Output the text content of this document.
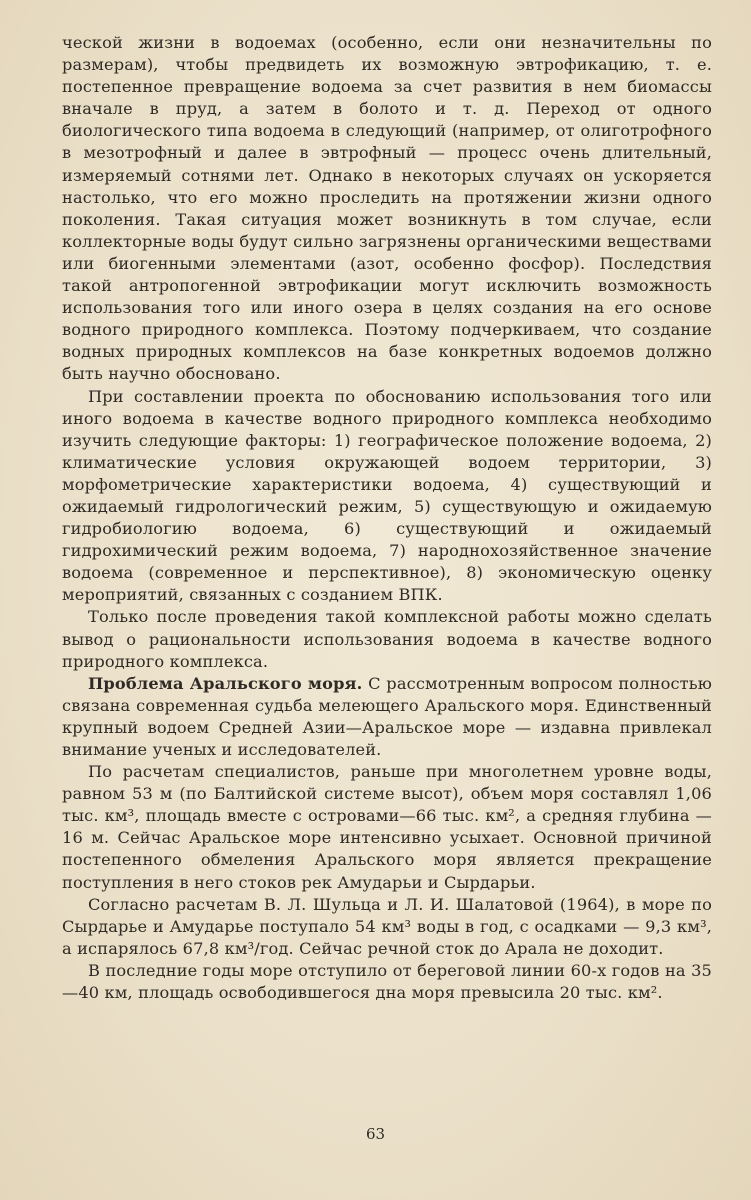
ческой жизни в водоемах (особенно, если они незначительны по размерам), чтобы предвидеть их возможную эвтрофикацию, т. е. постепенное превращение водоема за счет развития в нем биомассы вначале в пруд, а затем в болото и т. д. Переход от одного биологического типа водоема в следующий (например, от олиготрофного в мезотрофный и далее в эвтрофный — процесс очень длительный, измеряемый сотнями лет. Однако в некоторых случаях он ускоряется настолько, что его можно проследить на протяжении жизни одного поколения. Такая ситуация может возникнуть в том случае, если коллекторные воды будут сильно загрязнены органическими веществами или биогенными элементами (азот, особенно фосфор). Последствия такой антропогенной эвтрофикации могут исключить возможность использования того или иного озера в целях создания на его основе водного природного комплекса. Поэтому подчеркиваем, что создание водных природных комплексов на базе конкретных водоемов должно быть научно обосновано.

При составлении проекта по обоснованию использования того или иного водоема в качестве водного природного комплекса необходимо изучить следующие факторы: 1) географическое положение водоема, 2) климатические условия окружающей водоем территории, 3) морфометрические характеристики водоема, 4) существующий и ожидаемый гидрологический режим, 5) существующую и ожидаемую гидробиологию водоема, 6) существующий и ожидаемый гидрохимический режим водоема, 7) народнохозяйственное значение водоема (современное и перспективное), 8) экономическую оценку мероприятий, связанных с созданием ВПК.

Только после проведения такой комплексной работы можно сделать вывод о рациональности использования водоема в качестве водного природного комплекса.

Проблема Аральского моря. С рассмотренным вопросом полностью связана современная судьба мелеющего Аральского моря. Единственный крупный водоем Средней Азии—Аральское море — издавна привлекал внимание ученых и исследователей.

По расчетам специалистов, раньше при многолетнем уровне воды, равном 53 м (по Балтийской системе высот), объем моря составлял 1,06 тыс. км³, площадь вместе с островами—66 тыс. км², а средняя глубина — 16 м. Сейчас Аральское море интенсивно усыхает. Основной причиной постепенного обмеления Аральского моря является прекращение поступления в него стоков рек Амударьи и Сырдарьи.

Согласно расчетам В. Л. Шульца и Л. И. Шалатовой (1964), в море по Сырдарье и Амударье поступало 54 км³ воды в год, с осадками — 9,3 км³, а испарялось 67,8 км³/год. Сейчас речной сток до Арала не доходит.

В последние годы море отступило от береговой линии 60-х годов на 35—40 км, площадь освободившегося дна моря превысила 20 тыс. км².

63
